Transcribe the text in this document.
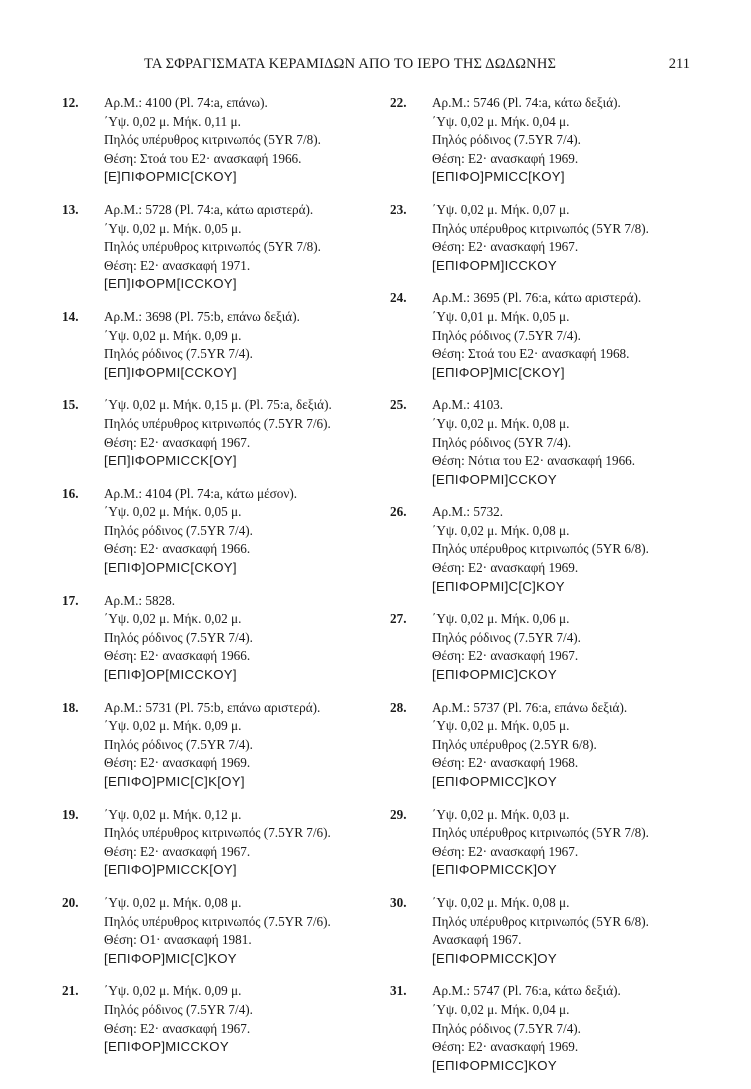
ΤΑ ΣΦΡΑΓΙΣΜΑΤΑ ΚΕΡΑΜΙΔΩΝ ΑΠΟ ΤΟ ΙΕΡΟ ΤΗΣ ΔΩΔΩΝΗΣ	211
12. Αρ.Μ.: 4100 (Pl. 74:a, επάνω).
΄Υψ. 0,02 μ. Μήκ. 0,11 μ.
Πηλός υπέρυθρος κιτρινωπός (5YR 7/8).
Θέση: Στοά του Ε2· ανασκαφή 1966.
[Ε]ΠΙΦΟΡΜΙC[CKOY]
13. Αρ.Μ.: 5728 (Pl. 74:a, κάτω αριστερά).
΄Υψ. 0,02 μ. Μήκ. 0,05 μ.
Πηλός υπέρυθρος κιτρινωπός (5YR 7/8).
Θέση: Ε2· ανασκαφή 1971.
[ΕΠ]ΙΦΟΡΜ[ICCKOY]
14. Αρ.Μ.: 3698 (Pl. 75:b, επάνω δεξιά).
΄Υψ. 0,02 μ. Μήκ. 0,09 μ.
Πηλός ρόδινος (7.5YR 7/4).
[ΕΠ]ΙΦΟΡΜΙ[CCKOY]
15. ΄Υψ. 0,02 μ. Μήκ. 0,15 μ. (Pl. 75:a, δεξιά).
Πηλός υπέρυθρος κιτρινωπός (7.5YR 7/6).
Θέση: Ε2· ανασκαφή 1967.
[ΕΠ]ΙΦΟΡΜΙCCK[OY]
16. Αρ.Μ.: 4104 (Pl. 74:a, κάτω μέσον).
΄Υψ. 0,02 μ. Μήκ. 0,05 μ.
Πηλός ρόδινος (7.5YR 7/4).
Θέση: Ε2· ανασκαφή 1966.
[ΕΠΙΦ]ΟΡΜΙC[CKOY]
17. Αρ.Μ.: 5828.
΄Υψ. 0,02 μ. Μήκ. 0,02 μ.
Πηλός ρόδινος (7.5YR 7/4).
Θέση: Ε2· ανασκαφή 1966.
[ΕΠΙΦ]ΟΡ[ΜΙCCKOY]
18. Αρ.Μ.: 5731 (Pl. 75:b, επάνω αριστερά).
΄Υψ. 0,02 μ. Μήκ. 0,09 μ.
Πηλός ρόδινος (7.5YR 7/4).
Θέση: Ε2· ανασκαφή 1969.
[ΕΠΙΦΟ]ΡΜΙC[C]K[OY]
19. ΄Υψ. 0,02 μ. Μήκ. 0,12 μ.
Πηλός υπέρυθρος κιτρινωπός (7.5YR 7/6).
Θέση: Ε2· ανασκαφή 1967.
[ΕΠΙΦΟ]ΡΜΙCCK[OY]
20. ΄Υψ. 0,02 μ. Μήκ. 0,08 μ.
Πηλός υπέρυθρος κιτρινωπός (7.5YR 7/6).
Θέση: Ο1· ανασκαφή 1981.
[ΕΠΙΦΟΡ]ΜΙC[C]KOY
21. ΄Υψ. 0,02 μ. Μήκ. 0,09 μ.
Πηλός ρόδινος (7.5YR 7/4).
Θέση: Ε2· ανασκαφή 1967.
[ΕΠΙΦΟΡ]ΜΙCCKOY
22. Αρ.Μ.: 5746 (Pl. 74:a, κάτω δεξιά).
΄Υψ. 0,02 μ. Μήκ. 0,04 μ.
Πηλός ρόδινος (7.5YR 7/4).
Θέση: Ε2· ανασκαφή 1969.
[ΕΠΙΦΟ]ΡΜΙCC[KOY]
23. ΄Υψ. 0,02 μ. Μήκ. 0,07 μ.
Πηλός υπέρυθρος κιτρινωπός (5YR 7/8).
Θέση: Ε2· ανασκαφή 1967.
[ΕΠΙΦΟΡΜ]ICCKOY
24. Αρ.Μ.: 3695 (Pl. 76:a, κάτω αριστερά).
΄Υψ. 0,01 μ. Μήκ. 0,05 μ.
Πηλός ρόδινος (7.5YR 7/4).
Θέση: Στοά του Ε2· ανασκαφή 1968.
[ΕΠΙΦΟΡ]ΜΙC[CKOY]
25. Αρ.Μ.: 4103.
΄Υψ. 0,02 μ. Μήκ. 0,08 μ.
Πηλός ρόδινος (5YR 7/4).
Θέση: Νότια του Ε2· ανασκαφή 1966.
[ΕΠΙΦΟΡΜΙ]CCKOY
26. Αρ.Μ.: 5732.
΄Υψ. 0,02 μ. Μήκ. 0,08 μ.
Πηλός υπέρυθρος κιτρινωπός (5YR 6/8).
Θέση: Ε2· ανασκαφή 1969.
[ΕΠΙΦΟΡΜΙ]C[C]KOY
27. ΄Υψ. 0,02 μ. Μήκ. 0,06 μ.
Πηλός ρόδινος (7.5YR 7/4).
Θέση: Ε2· ανασκαφή 1967.
[ΕΠΙΦΟΡΜΙC]CKOY
28. Αρ.Μ.: 5737 (Pl. 76:a, επάνω δεξιά).
΄Υψ. 0,02 μ. Μήκ. 0,05 μ.
Πηλός υπέρυθρος (2.5YR 6/8).
Θέση: Ε2· ανασκαφή 1968.
[ΕΠΙΦΟΡΜΙCC]KOY
29. ΄Υψ. 0,02 μ. Μήκ. 0,03 μ.
Πηλός υπέρυθρος κιτρινωπός (5YR 7/8).
Θέση: Ε2· ανασκαφή 1967.
[ΕΠΙΦΟΡΜΙCCK]OY
30. ΄Υψ. 0,02 μ. Μήκ. 0,08 μ.
Πηλός υπέρυθρος κιτρινωπός (5YR 6/8).
Ανασκαφή 1967.
[ΕΠΙΦΟΡΜΙCCK]OY
31. Αρ.Μ.: 5747 (Pl. 76:a, κάτω δεξιά).
΄Υψ. 0,02 μ. Μήκ. 0,04 μ.
Πηλός ρόδινος (7.5YR 7/4).
Θέση: Ε2· ανασκαφή 1969.
[ΕΠΙΦΟΡΜΙCC]KOY
